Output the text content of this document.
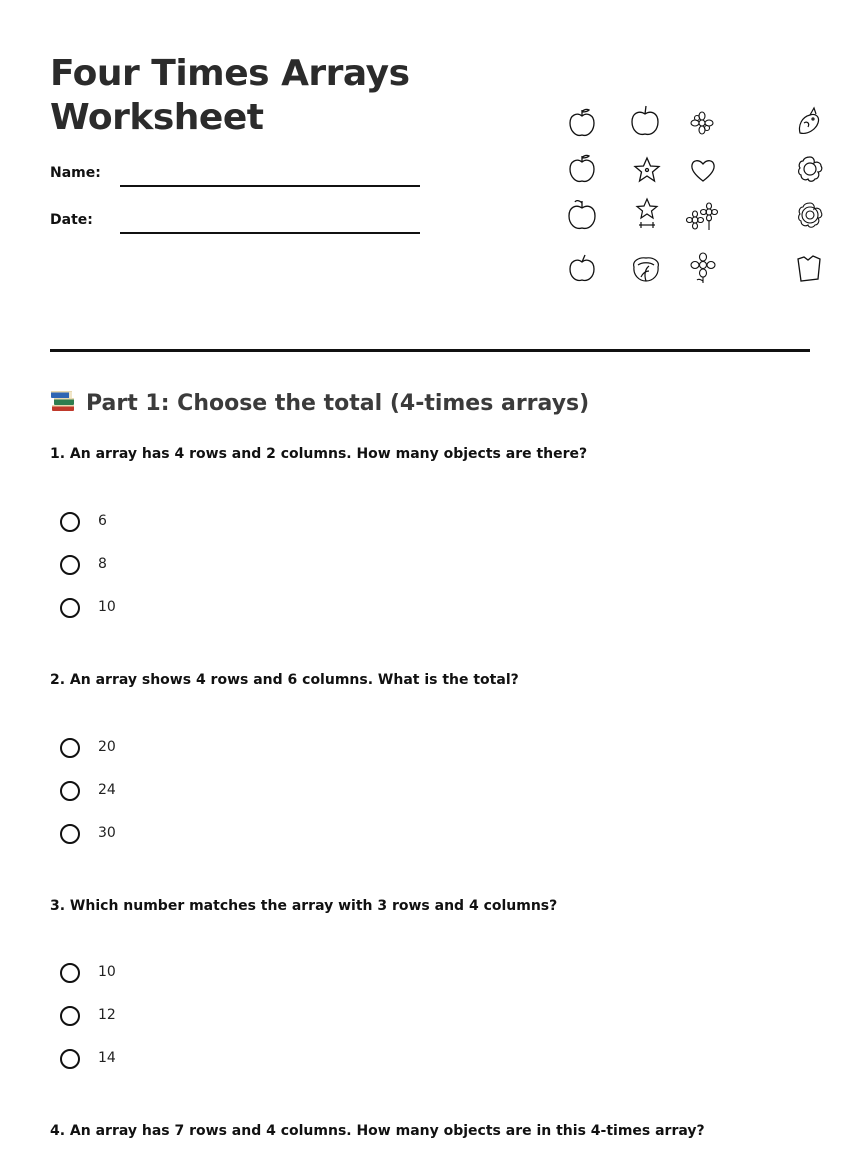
Four Times Arrays Worksheet
Name:
Date:
Part 1: Choose the total (4-times arrays)
1. An array has 4 rows and 2 columns. How many objects are there?
6
8
10
2. An array shows 4 rows and 6 columns. What is the total?
20
24
30
3. Which number matches the array with 3 rows and 4 columns?
10
12
14
4. An array has 7 rows and 4 columns. How many objects are in this 4-times array?
